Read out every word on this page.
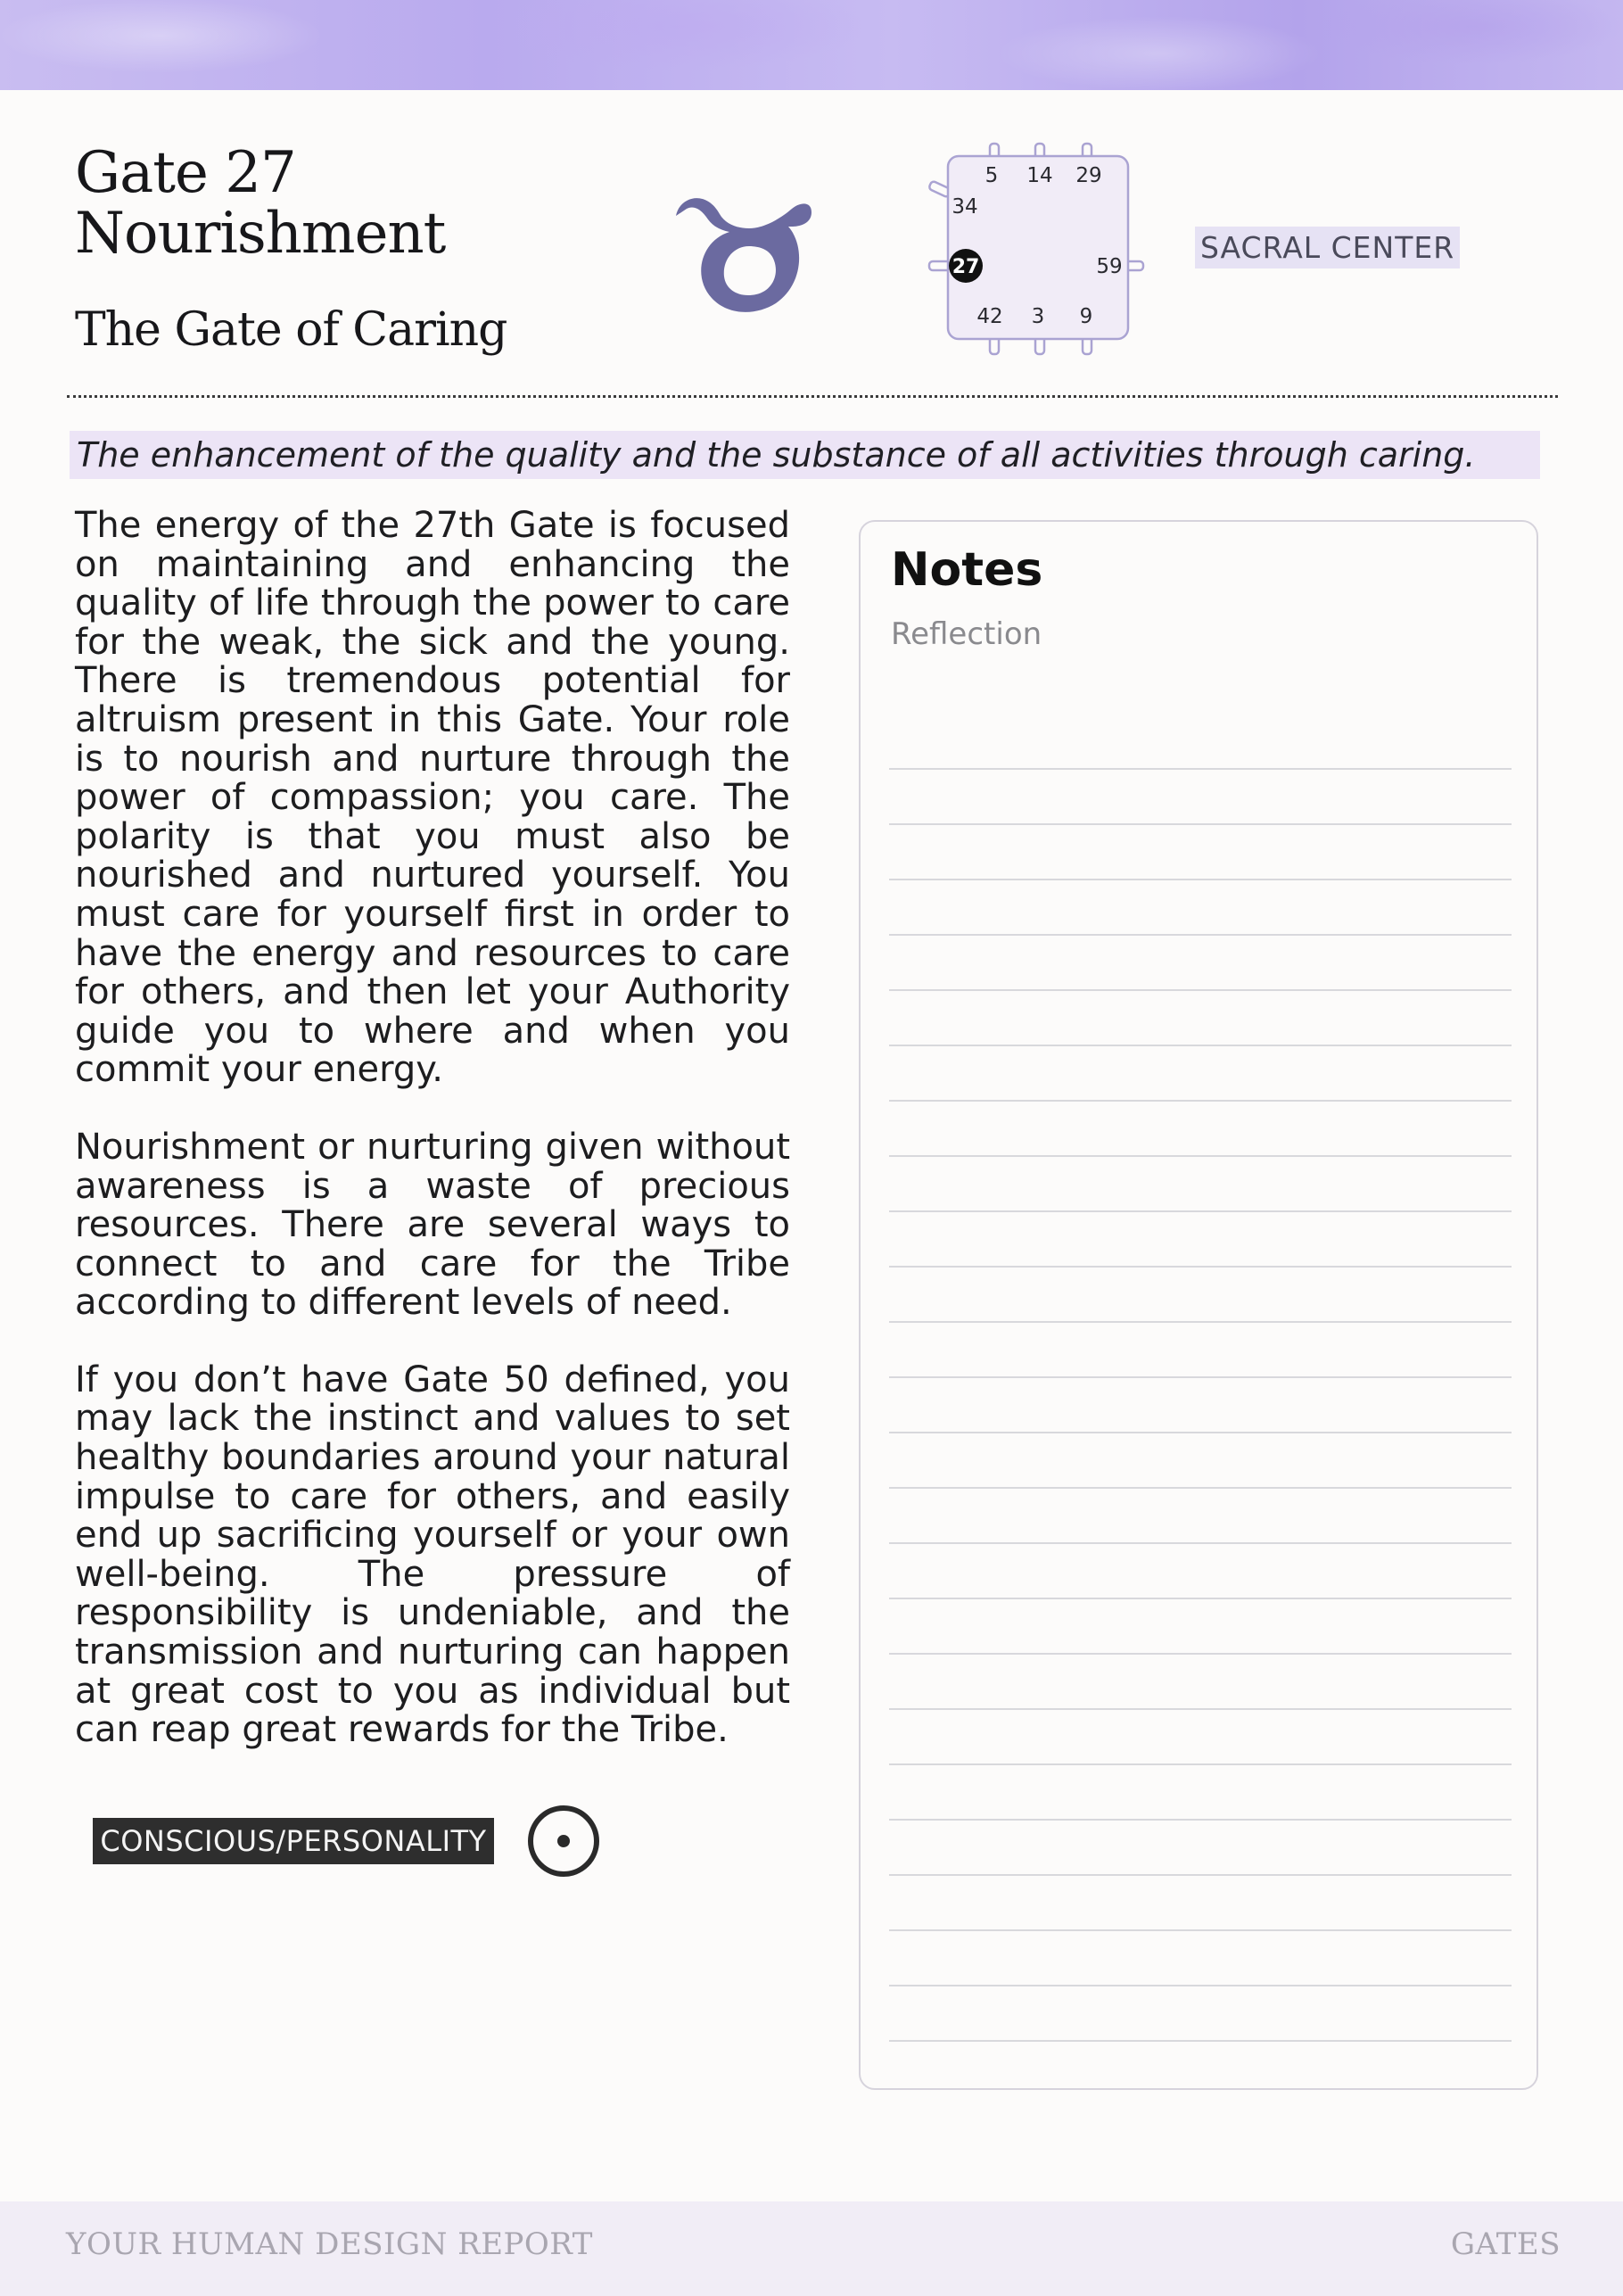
Gate 27
Nourishment
The Gate of Caring
5 14 29
34
59
42 3 9
27
SACRAL CENTER
The enhancement of the quality and the substance of all activities through caring.

The energy of the 27th Gate is focused on maintaining and enhancing the quality of life through the power to care for the weak, the sick and the young. There is tremendous potential for altruism present in this Gate. Your role is to nourish and nurture through the power of compassion; you care. The polarity is that you must also be nourished and nurtured yourself. You must care for yourself first in order to have the energy and resources to care for others, and then let your Authority guide you to where and when you commit your energy.

Nourishment or nurturing given without awareness is a waste of precious resources. There are several ways to connect to and care for the Tribe according to different levels of need.

If you don’t have Gate 50 defined, you may lack the instinct and values to set healthy boundaries around your natural impulse to care for others, and easily end up sacrificing yourself or your own well-being. The pressure of responsibility is undeniable, and the transmission and nurturing can happen at great cost to you as individual but can reap great rewards for the Tribe.

CONSCIOUS/PERSONALITY
Notes
Reflection
YOUR HUMAN DESIGN REPORT	GATES
